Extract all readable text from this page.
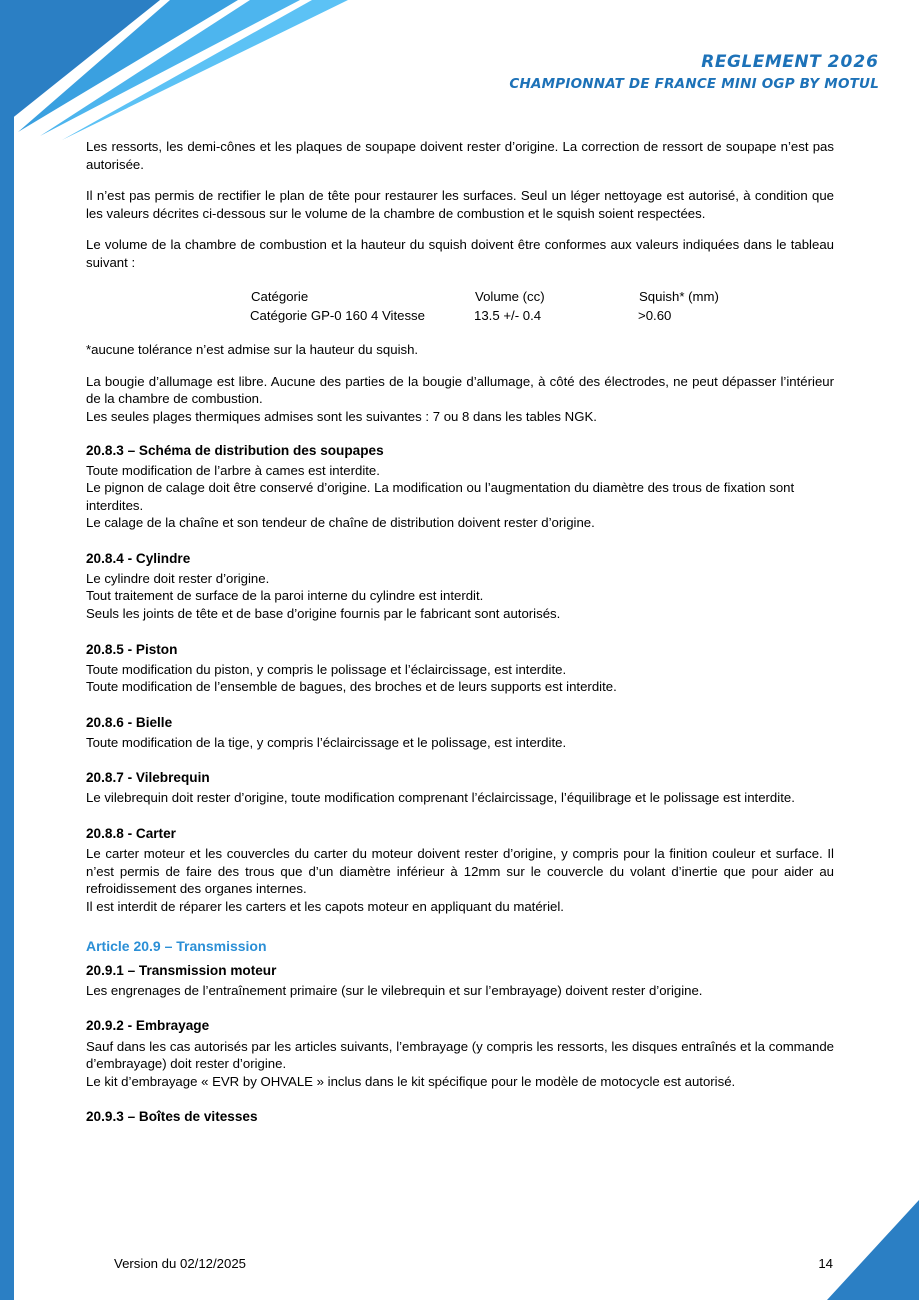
REGLEMENT 2026
CHAMPIONNAT DE FRANCE MINI OGP BY MOTUL

Les ressorts, les demi-cônes et les plaques de soupape doivent rester d’origine. La correction de ressort de soupape n’est pas autorisée.

Il n’est pas permis de rectifier le plan de tête pour restaurer les surfaces. Seul un léger nettoyage est autorisé, à condition que les valeurs décrites ci-dessous sur le volume de la chambre de combustion et le squish soient respectées.

Le volume de la chambre de combustion et la hauteur du squish doivent être conformes aux valeurs indiquées dans le tableau suivant :

Catégorie	Volume (cc)	Squish* (mm)
Catégorie GP-0 160 4 Vitesse	13.5 +/- 0.4	>0.60

*aucune tolérance n’est admise sur la hauteur du squish.

La bougie d’allumage est libre. Aucune des parties de la bougie d’allumage, à côté des électrodes, ne peut dépasser l’intérieur de la chambre de combustion.
Les seules plages thermiques admises sont les suivantes : 7 ou 8 dans les tables NGK.
20.8.3 – Schéma de distribution des soupapes
Toute modification de l’arbre à cames est interdite.
Le pignon de calage doit être conservé d’origine. La modification ou l’augmentation du diamètre des trous de fixation sont interdites.
Le calage de la chaîne et son tendeur de chaîne de distribution doivent rester d’origine.
20.8.4 - Cylindre
Le cylindre doit rester d’origine.
Tout traitement de surface de la paroi interne du cylindre est interdit.
Seuls les joints de tête et de base d’origine fournis par le fabricant sont autorisés.
20.8.5 - Piston
Toute modification du piston, y compris le polissage et l’éclaircissage, est interdite.
Toute modification de l’ensemble de bagues, des broches et de leurs supports est interdite.
20.8.6 - Bielle
Toute modification de la tige, y compris l’éclaircissage et le polissage, est interdite.
20.8.7 - Vilebrequin
Le vilebrequin doit rester d’origine, toute modification comprenant l’éclaircissage, l’équilibrage et le polissage est interdite.
20.8.8 - Carter
Le carter moteur et les couvercles du carter du moteur doivent rester d’origine, y compris pour la finition couleur et surface. Il n’est permis de faire des trous que d’un diamètre inférieur à 12mm sur le couvercle du volant d’inertie que pour aider au refroidissement des organes internes.
Il est interdit de réparer les carters et les capots moteur en appliquant du matériel.
Article 20.9 – Transmission
20.9.1 – Transmission moteur
Les engrenages de l’entraînement primaire (sur le vilebrequin et sur l’embrayage) doivent rester d’origine.
20.9.2 - Embrayage
Sauf dans les cas autorisés par les articles suivants, l’embrayage (y compris les ressorts, les disques entraînés et la commande d’embrayage) doit rester d’origine.
Le kit d’embrayage « EVR by OHVALE » inclus dans le kit spécifique pour le modèle de motocycle est autorisé.
20.9.3 – Boîtes de vitesses
Version du 02/12/2025	14
